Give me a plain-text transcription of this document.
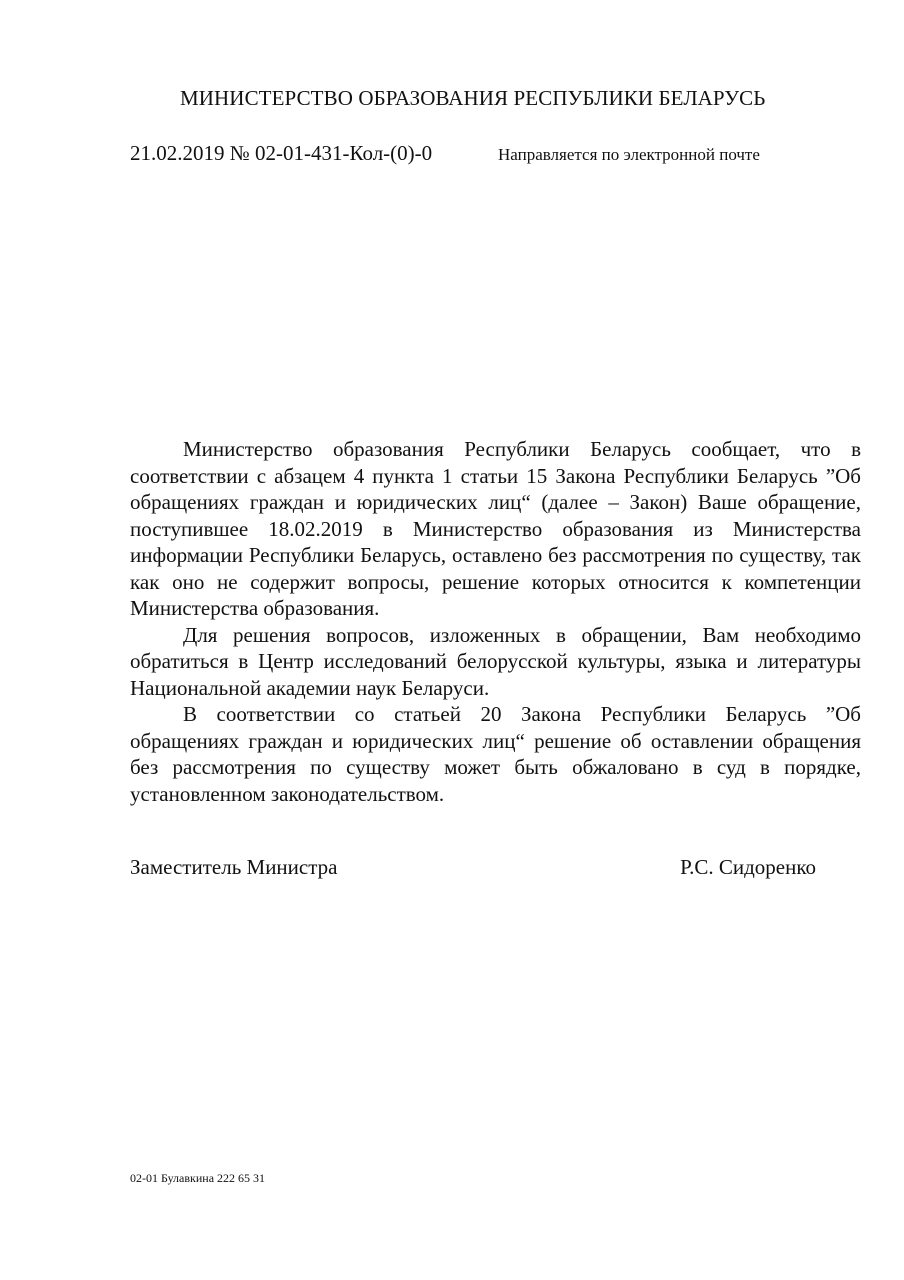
МИНИСТЕРСТВО ОБРАЗОВАНИЯ РЕСПУБЛИКИ БЕЛАРУСЬ
21.02.2019 № 02-01-431-Кол-(0)-0	Направляется по электронной почте

Министерство образования Республики Беларусь сообщает, что в соответствии с абзацем 4 пункта 1 статьи 15 Закона Республики Беларусь ”Об обращениях граждан и юридических лиц“ (далее – Закон) Ваше обращение, поступившее 18.02.2019 в Министерство образования из Министерства информации Республики Беларусь, оставлено без рассмотрения по существу, так как оно не содержит вопросы, решение которых относится к компетенции Министерства образования.

Для решения вопросов, изложенных в обращении, Вам необходимо обратиться в Центр исследований белорусской культуры, языка и литературы Национальной академии наук Беларуси.

В соответствии со статьей 20 Закона Республики Беларусь ”Об обращениях граждан и юридических лиц“ решение об оставлении обращения без рассмотрения по существу может быть обжаловано в суд в порядке, установленном законодательством.

Заместитель Министра	Р.С. Сидоренко
02-01 Булавкина 222 65 31
